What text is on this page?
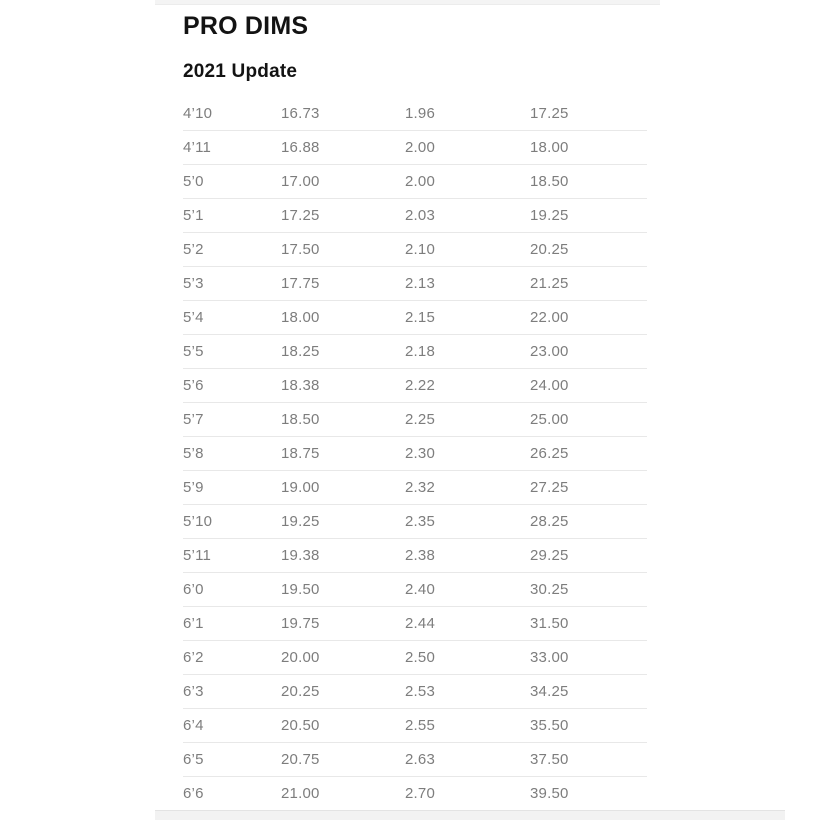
PRO DIMS
2021 Update
4’10	16.73	1.96	17.25
4’11	16.88	2.00	18.00
5’0	17.00	2.00	18.50
5’1	17.25	2.03	19.25
5’2	17.50	2.10	20.25
5’3	17.75	2.13	21.25
5’4	18.00	2.15	22.00
5’5	18.25	2.18	23.00
5’6	18.38	2.22	24.00
5’7	18.50	2.25	25.00
5’8	18.75	2.30	26.25
5’9	19.00	2.32	27.25
5’10	19.25	2.35	28.25
5’11	19.38	2.38	29.25
6’0	19.50	2.40	30.25
6’1	19.75	2.44	31.50
6’2	20.00	2.50	33.00
6’3	20.25	2.53	34.25
6’4	20.50	2.55	35.50
6’5	20.75	2.63	37.50
6’6	21.00	2.70	39.50
